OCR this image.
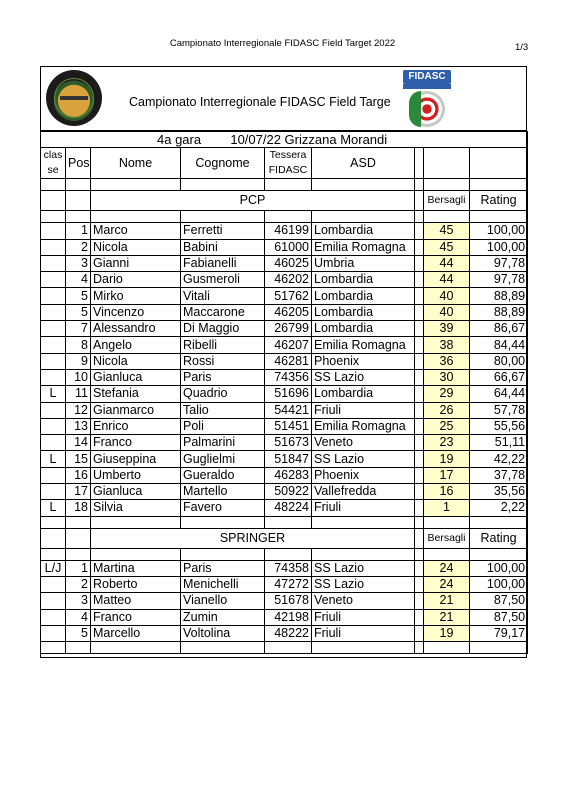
Campionato Interregionale FIDASC Field Target 2022	1/3
Campionato Interregionale FIDASC Field Targe
FIDASC
4a gara 10/07/22 Grizzana Morandi								
clas se	Pos	Nome	Cognome	Tessera FIDASC	ASD			

		PCP					Bersagli	Rating

	1	Marco	Ferretti	46199	Lombardia		45	100,00
	2	Nicola	Babini	61000	Emilia Romagna		45	100,00
	3	Gianni	Fabianelli	46025	Umbria		44	97,78
	4	Dario	Gusmeroli	46202	Lombardia		44	97,78
	5	Mirko	Vitali	51762	Lombardia		40	88,89
	5	Vincenzo	Maccarone	46205	Lombardia		40	88,89
	7	Alessandro	Di Maggio	26799	Lombardia		39	86,67
	8	Angelo	Ribelli	46207	Emilia Romagna		38	84,44
	9	Nicola	Rossi	46281	Phoenix		36	80,00
	10	Gianluca	Paris	74356	SS Lazio		30	66,67
L	11	Stefania	Quadrio	51696	Lombardia		29	64,44
	12	Gianmarco	Talio	54421	Friuli		26	57,78
	13	Enrico	Poli	51451	Emilia Romagna		25	55,56
	14	Franco	Palmarini	51673	Veneto		23	51,11
L	15	Giuseppina	Guglielmi	51847	SS Lazio		19	42,22
	16	Umberto	Gueraldo	46283	Phoenix		17	37,78
	17	Gianluca	Martello	50922	Vallefredda		16	35,56
L	18	Silvia	Favero	48224	Friuli		1	2,22

		SPRINGER					Bersagli	Rating

L/J	1	Martina	Paris	74358	SS Lazio		24	100,00
	2	Roberto	Menichelli	47272	SS Lazio		24	100,00
	3	Matteo	Vianello	51678	Veneto		21	87,50
	4	Franco	Zumin	42198	Friuli		21	87,50
	5	Marcello	Voltolina	48222	Friuli		19	79,17
